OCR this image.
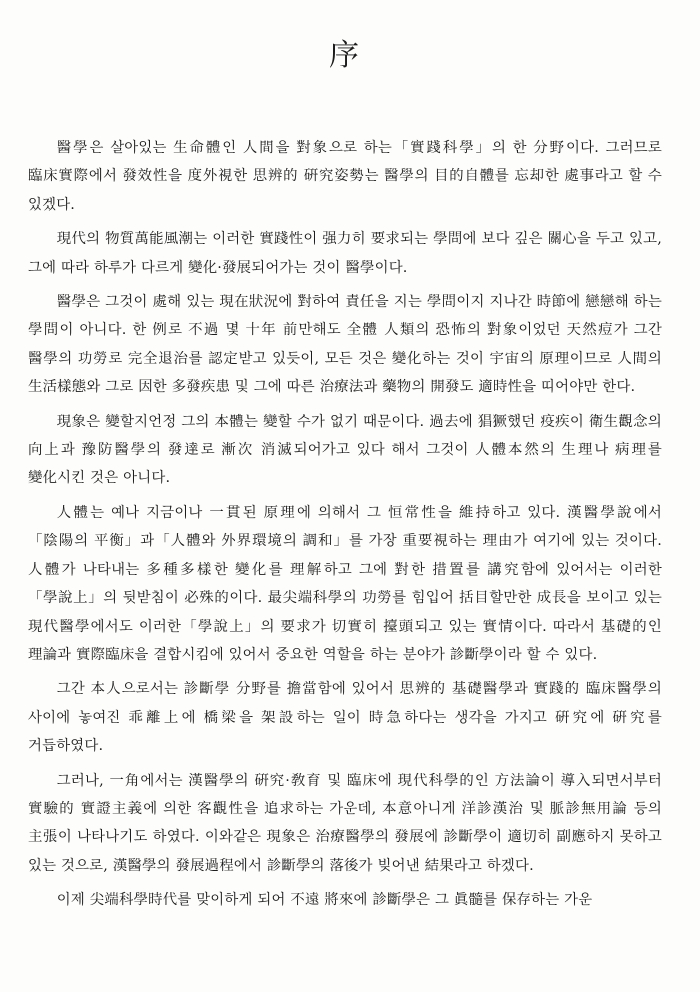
序

醫學은 살아있는 生命體인 人間을 對象으로 하는「實踐科學」의 한 分野이다. 그러므로 臨床實際에서 發效性을 度外視한 思辨的 硏究姿勢는 醫學의 目的自體를 忘却한 處事라고 할 수 있겠다.

現代의 物質萬能風潮는 이러한 實踐性이 强力히 要求되는 學問에 보다 깊은 關心을 두고 있고, 그에 따라 하루가 다르게 變化·發展되어가는 것이 醫學이다.

醫學은 그것이 處해 있는 現在狀況에 對하여 責任을 지는 學問이지 지나간 時節에 戀戀해 하는 學問이 아니다. 한 例로 不過 몇 十年 前만해도 全體 人類의 恐怖의 對象이었던 天然痘가 그간 醫學의 功勞로 完全退治를 認定받고 있듯이, 모든 것은 變化하는 것이 宇宙의 原理이므로 人間의 生活樣態와 그로 因한 多發疾患 및 그에 따른 治療法과 藥物의 開發도 適時性을 띠어야만 한다.

現象은 變할지언정 그의 本體는 變할 수가 없기 때문이다. 過去에 猖獗했던 疫疾이 衛生觀念의 向上과 豫防醫學의 發達로 漸次 消滅되어가고 있다 해서 그것이 人體本然의 生理나 病理를 變化시킨 것은 아니다.

人體는 예나 지금이나 一貫된 原理에 의해서 그 恒常性을 維持하고 있다. 漢醫學說에서「陰陽의 平衡」과「人體와 外界環境의 調和」를 가장 重要視하는 理由가 여기에 있는 것이다. 人體가 나타내는 多種多樣한 變化를 理解하고 그에 對한 措置를 講究함에 있어서는 이러한「學說上」의 뒷받침이 必殊的이다. 最尖端科學의 功勞를 힘입어 括目할만한 成長을 보이고 있는 現代醫學에서도 이러한「學說上」의 要求가 切實히 擡頭되고 있는 實情이다. 따라서 基礎的인 理論과 實際臨床을 결합시킴에 있어서 중요한 역할을 하는 분야가 診斷學이라 할 수 있다.

그간 本人으로서는 診斷學 分野를 擔當함에 있어서 思辨的 基礎醫學과 實踐的 臨床醫學의 사이에 놓여진 乖離上에 橋梁을 架設하는 일이 時急하다는 생각을 가지고 硏究에 硏究를 거듭하였다.

그러나, 一角에서는 漢醫學의 硏究·敎育 및 臨床에 現代科學的인 方法論이 導入되면서부터 實驗的 實證主義에 의한 客觀性을 追求하는 가운데, 本意아니게 洋診漢治 및 脈診無用論 등의 主張이 나타나기도 하였다. 이와같은 現象은 治療醫學의 發展에 診斷學이 適切히 副應하지 못하고 있는 것으로, 漢醫學의 發展過程에서 診斷學의 落後가 빚어낸 結果라고 하겠다.

이제 尖端科學時代를 맞이하게 되어 不遠 將來에 診斷學은 그 眞髓를 保存하는 가운
